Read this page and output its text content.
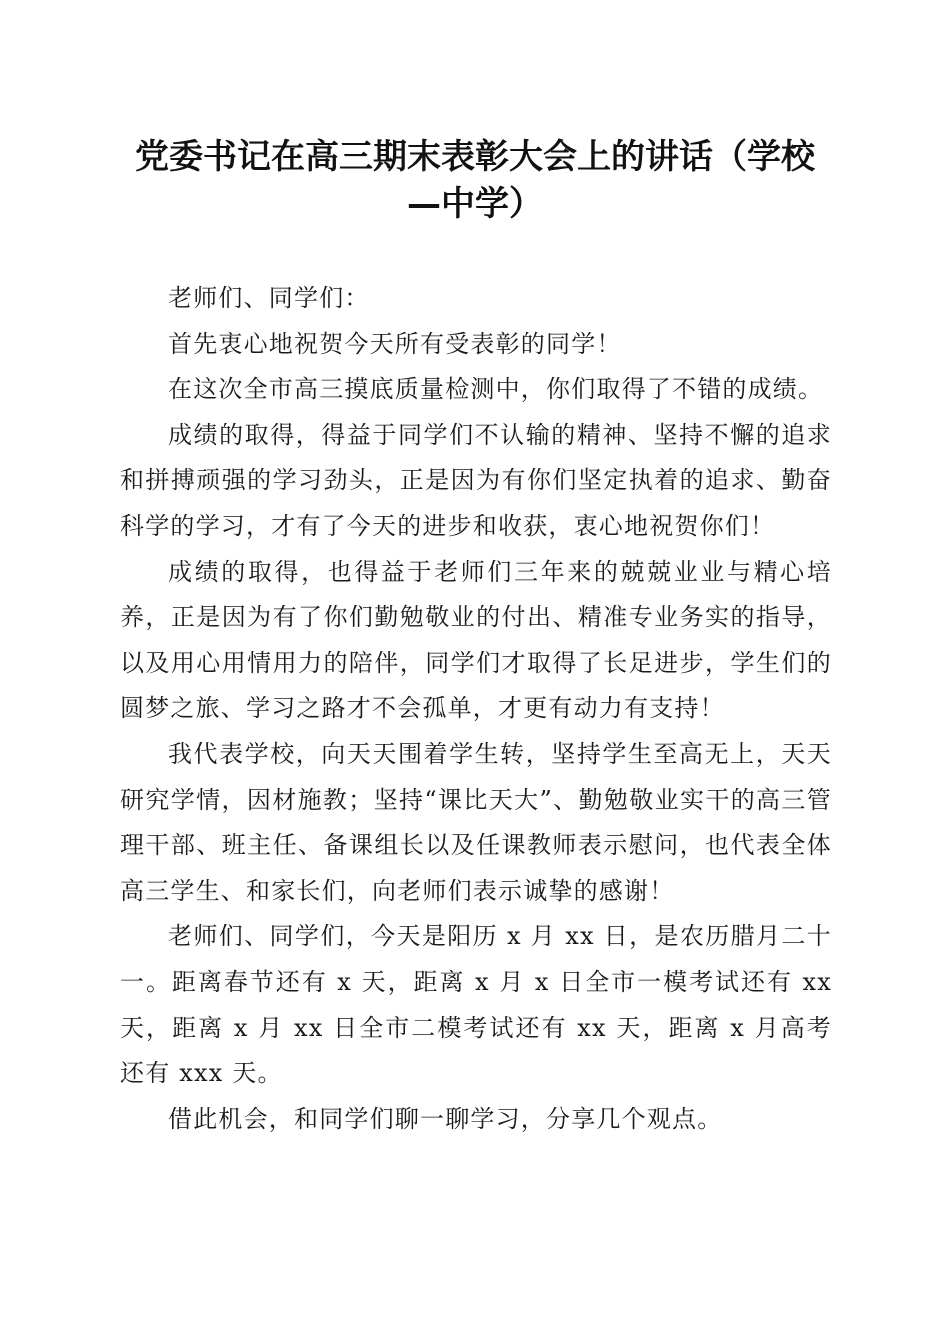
党委书记在高三期末表彰大会上的讲话（学校
—中学）

老师们、同学们：

首先衷心地祝贺今天所有受表彰的同学！

在这次全市高三摸底质量检测中，你们取得了不错的成绩。

成绩的取得，得益于同学们不认输的精神、坚持不懈的追求和拼搏顽强的学习劲头，正是因为有你们坚定执着的追求、勤奋科学的学习，才有了今天的进步和收获，衷心地祝贺你们！

成绩的取得，也得益于老师们三年来的兢兢业业与精心培养，正是因为有了你们勤勉敬业的付出、精准专业务实的指导，以及用心用情用力的陪伴，同学们才取得了长足进步，学生们的圆梦之旅、学习之路才不会孤单，才更有动力有支持！

我代表学校，向天天围着学生转，坚持学生至高无上，天天研究学情，因材施教；坚持“课比天大”、勤勉敬业实干的高三管理干部、班主任、备课组长以及任课教师表示慰问，也代表全体高三学生、和家长们，向老师们表示诚挚的感谢！

老师们、同学们，今天是阳历 x 月 xx 日，是农历腊月二十一。距离春节还有 x 天，距离 x 月 x 日全市一模考试还有 xx 天，距离 x 月 xx 日全市二模考试还有 xx 天，距离 x 月高考还有 xxx 天。

借此机会，和同学们聊一聊学习，分享几个观点。
